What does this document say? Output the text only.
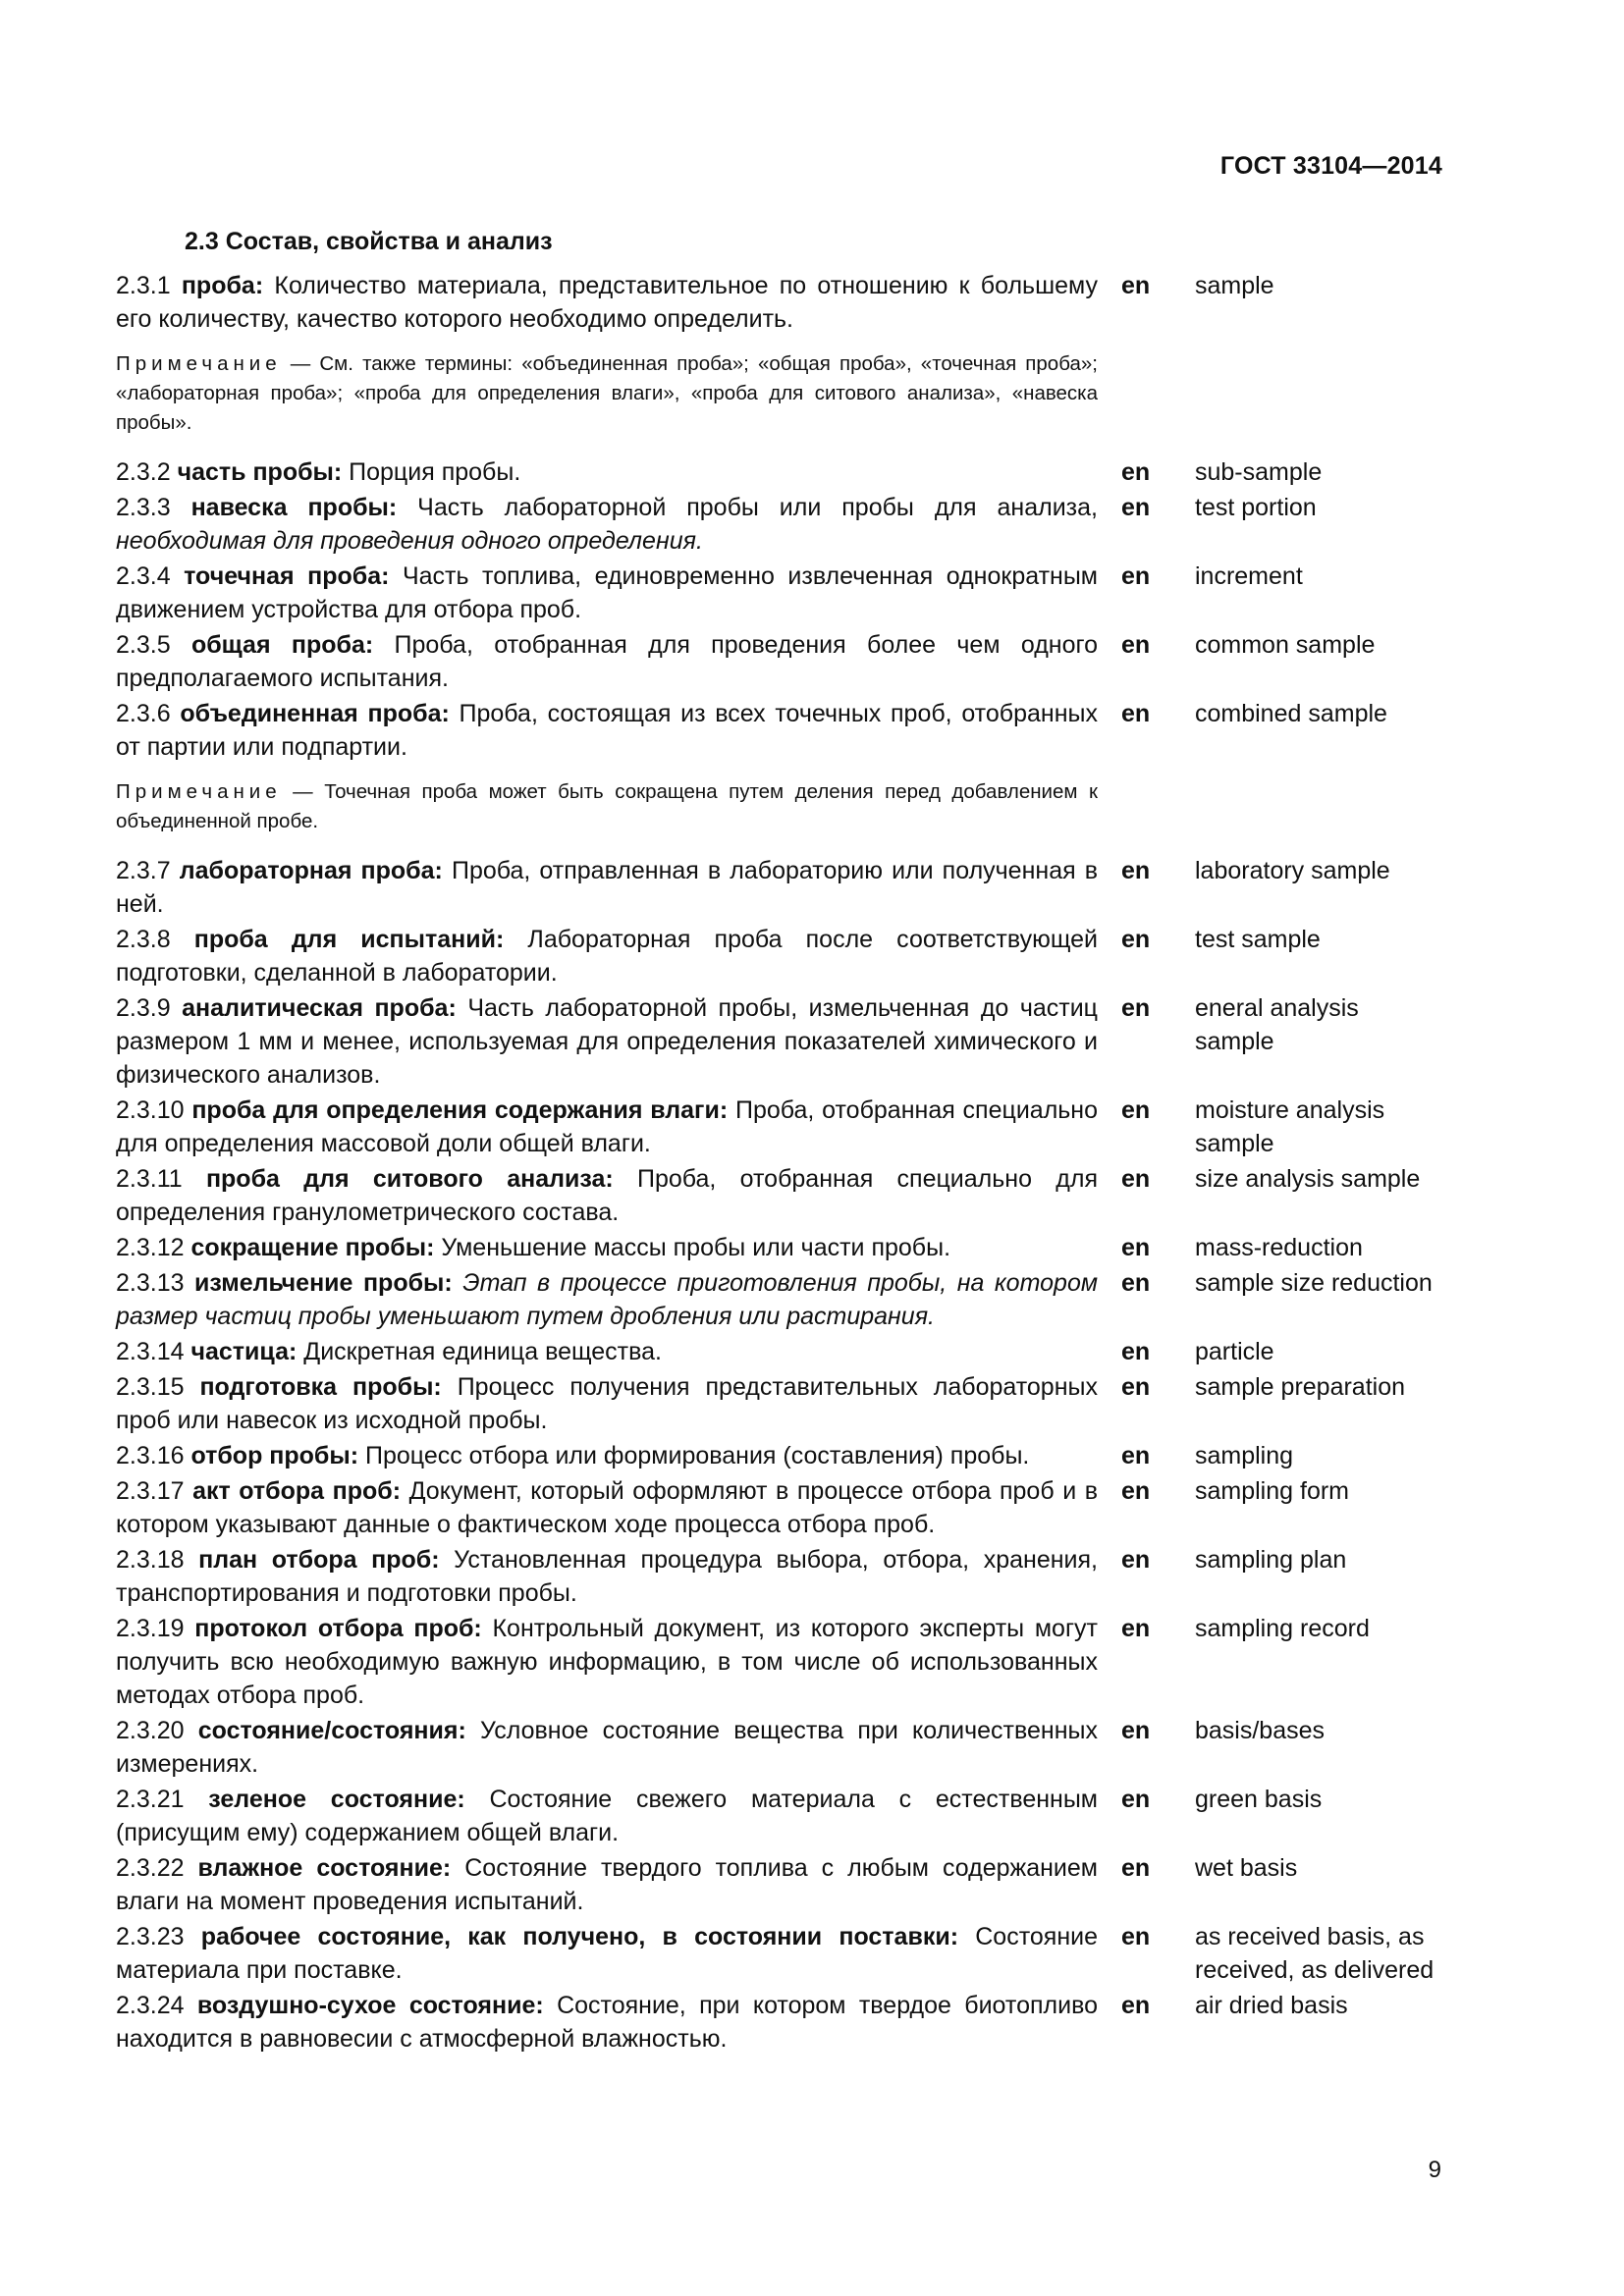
ГОСТ 33104—2014
2.3 Состав, свойства и анализ
2.3.1 проба: Количество материала, представительное по отношению к большему его количеству, качество которого необходимо определить.
en	sample
Примечание — См. также термины: «объединенная проба»; «общая проба», «точечная проба»; «лабораторная проба»; «проба для определения влаги», «проба для ситового анализа», «навеска пробы».
2.3.2 часть пробы: Порция пробы.	en	sub-sample
2.3.3 навеска пробы: Часть лабораторной пробы или пробы для анализа, необходимая для проведения одного определения.
en	test portion
2.3.4 точечная проба: Часть топлива, единовременно извлеченная однократным движением устройства для отбора проб.
en	increment
2.3.5 общая проба: Проба, отобранная для проведения более чем одного предполагаемого испытания.
en	common sample
2.3.6 объединенная проба: Проба, состоящая из всех точечных проб, отобранных от партии или подпартии.
en	combined sample
Примечание — Точечная проба может быть сокращена путем деления перед добавлением к объединенной пробе.
2.3.7 лабораторная проба: Проба, отправленная в лабораторию или полученная в ней.
en	laboratory sample
2.3.8 проба для испытаний: Лабораторная проба после соответствующей подготовки, сделанной в лаборатории.
en	test sample
2.3.9 аналитическая проба: Часть лабораторной пробы, измельченная до частиц размером 1 мм и менее, используемая для определения показателей химического и физического анализов.
en	eneral analysis sample
2.3.10 проба для определения содержания влаги: Проба, отобранная специально для определения массовой доли общей влаги.
en	moisture analysis sample
2.3.11 проба для ситового анализа: Проба, отобранная специально для определения гранулометрического состава.
en	size analysis sample
2.3.12 сокращение пробы: Уменьшение массы пробы или части пробы.	en	mass-reduction
2.3.13 измельчение пробы: Этап в процессе приготовления пробы, на котором размер частиц пробы уменьшают путем дробления или растирания.
en	sample size reduction
2.3.14 частица: Дискретная единица вещества.	en	particle
2.3.15 подготовка пробы: Процесс получения представительных лабораторных проб или навесок из исходной пробы.
en	sample preparation
2.3.16 отбор пробы: Процесс отбора или формирования (составления) пробы.	en	sampling
2.3.17 акт отбора проб: Документ, который оформляют в процессе отбора проб и в котором указывают данные о фактическом ходе процесса отбора проб.
en	sampling form
2.3.18 план отбора проб: Установленная процедура выбора, отбора, хранения, транспортирования и подготовки пробы.
en	sampling plan
2.3.19 протокол отбора проб: Контрольный документ, из которого эксперты могут получить всю необходимую важную информацию, в том числе об использованных методах отбора проб.
en	sampling record
2.3.20 состояние/состояния: Условное состояние вещества при количественных измерениях.
en	basis/bases
2.3.21 зеленое состояние: Состояние свежего материала с естественным (присущим ему) содержанием общей влаги.
en	green basis
2.3.22 влажное состояние: Состояние твердого топлива с любым содержанием влаги на момент проведения испытаний.
en	wet basis
2.3.23 рабочее состояние, как получено, в состоянии поставки: Состояние материала при поставке.
en	as received basis, as received, as delivered
2.3.24 воздушно-сухое состояние: Состояние, при котором твердое биотопливо находится в равновесии с атмосферной влажностью.
en	air dried basis
9
